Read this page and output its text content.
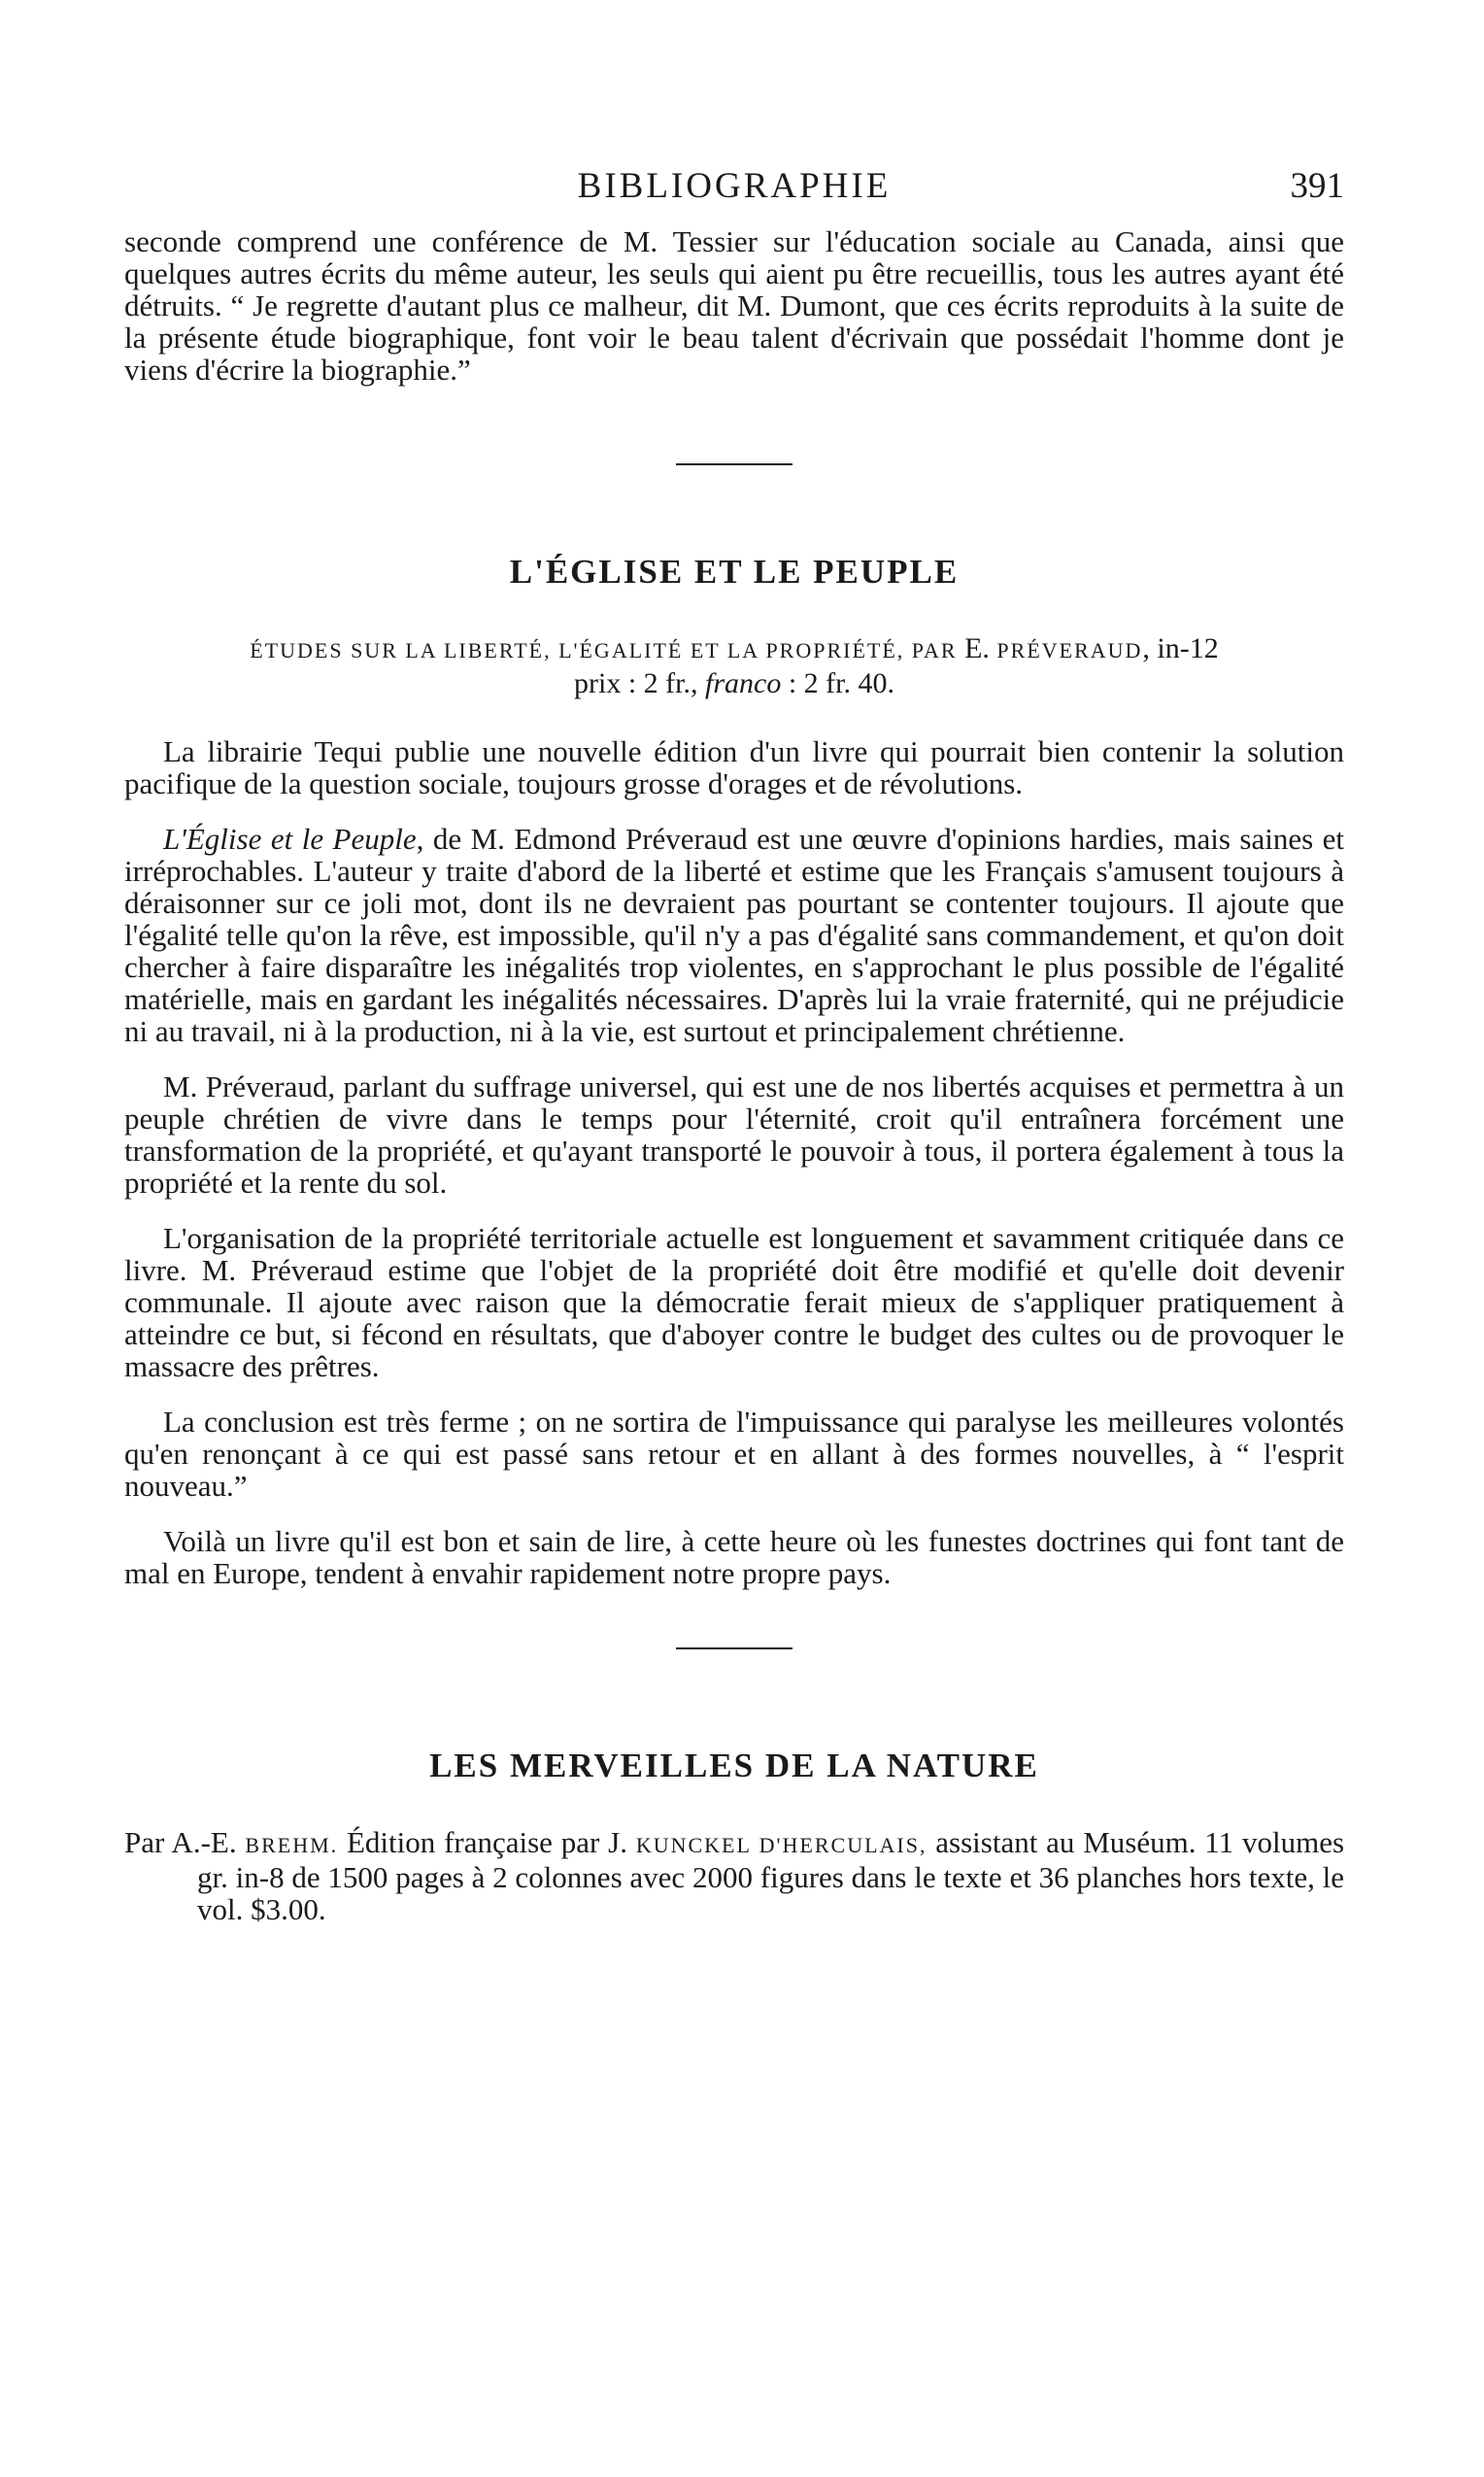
BIBLIOGRAPHIE	391

seconde comprend une conférence de M. Tessier sur l'éducation sociale au Canada, ainsi que quelques autres écrits du même auteur, les seuls qui aient pu être recueillis, tous les autres ayant été détruits. “ Je regrette d'autant plus ce malheur, dit M. Dumont, que ces écrits reproduits à la suite de la présente étude biographique, font voir le beau talent d'écrivain que possédait l'homme dont je viens d'écrire la biographie.”

L'ÉGLISE ET LE PEUPLE
ÉTUDES SUR LA LIBERTÉ, L'ÉGALITÉ ET LA PROPRIÉTÉ, PAR E. PRÉVERAUD, in-12
prix : 2 fr., franco : 2 fr. 40.

La librairie Tequi publie une nouvelle édition d'un livre qui pourrait bien contenir la solution pacifique de la question sociale, toujours grosse d'orages et de révolutions.

L'Église et le Peuple, de M. Edmond Préveraud est une œuvre d'opinions hardies, mais saines et irréprochables. L'auteur y traite d'abord de la liberté et estime que les Français s'amusent toujours à déraisonner sur ce joli mot, dont ils ne devraient pas pourtant se contenter toujours. Il ajoute que l'égalité telle qu'on la rêve, est impossible, qu'il n'y a pas d'égalité sans commandement, et qu'on doit chercher à faire disparaître les inégalités trop violentes, en s'approchant le plus possible de l'égalité matérielle, mais en gardant les inégalités nécessaires. D'après lui la vraie fraternité, qui ne préjudicie ni au travail, ni à la production, ni à la vie, est surtout et principalement chrétienne.

M. Préveraud, parlant du suffrage universel, qui est une de nos libertés acquises et permettra à un peuple chrétien de vivre dans le temps pour l'éternité, croit qu'il entraînera forcément une transformation de la propriété, et qu'ayant transporté le pouvoir à tous, il portera également à tous la propriété et la rente du sol.

L'organisation de la propriété territoriale actuelle est longuement et savamment critiquée dans ce livre. M. Préveraud estime que l'objet de la propriété doit être modifié et qu'elle doit devenir communale. Il ajoute avec raison que la démocratie ferait mieux de s'appliquer pratiquement à atteindre ce but, si fécond en résultats, que d'aboyer contre le budget des cultes ou de provoquer le massacre des prêtres.

La conclusion est très ferme ; on ne sortira de l'impuissance qui paralyse les meilleures volontés qu'en renonçant à ce qui est passé sans retour et en allant à des formes nouvelles, à “ l'esprit nouveau.”

Voilà un livre qu'il est bon et sain de lire, à cette heure où les funestes doctrines qui font tant de mal en Europe, tendent à envahir rapidement notre propre pays.

LES MERVEILLES DE LA NATURE

Par A.-E. BREHM. Édition française par J. KUNCKEL D'HERCULAIS, assistant au Muséum. 11 volumes gr. in-8 de 1500 pages à 2 colonnes avec 2000 figures dans le texte et 36 planches hors texte, le vol. $3.00.
